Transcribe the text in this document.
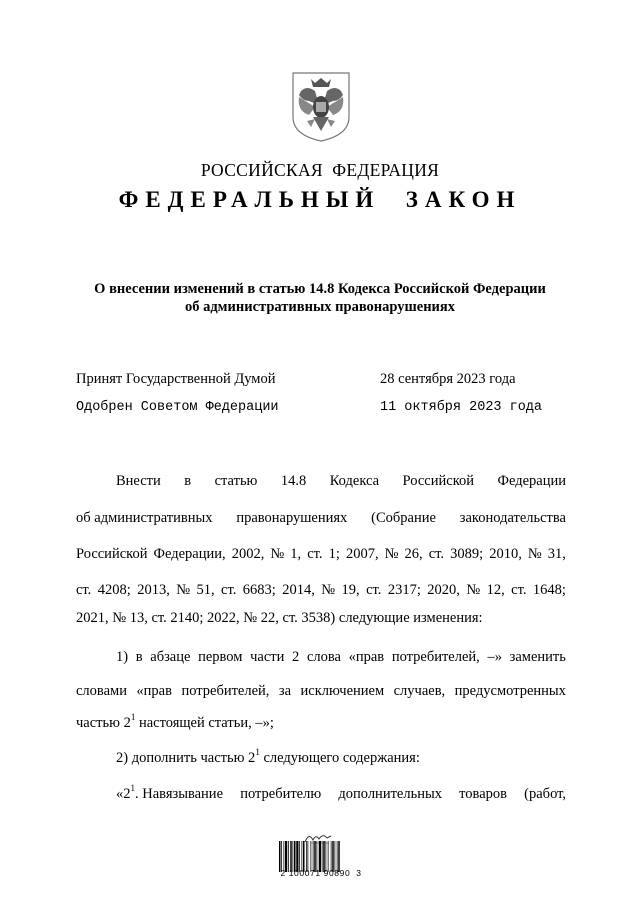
РОССИЙСКАЯ  ФЕДЕРАЦИЯ
ФЕДЕРАЛЬНЫЙ  ЗАКОН
О внесении изменений в статью 14.8 Кодекса Российской Федерации
об административных правонарушениях
Принят Государственной Думой	28 сентября 2023 года
Одобрен Советом Федерации	11 октября 2023 года
Внести в статью 14.8 Кодекса Российской Федерации
об административных правонарушениях (Собрание законодательства
Российской Федерации, 2002, № 1, ст. 1; 2007, № 26, ст. 3089; 2010, № 31,
ст. 4208; 2013, № 51, ст. 6683; 2014, № 19, ст. 2317; 2020, № 12, ст. 1648;
2021, № 13, ст. 2140; 2022, № 22, ст. 3538) следующие изменения:
1) в абзаце первом части 2 слова «прав потребителей, –» заменить
словами «прав потребителей, за исключением случаев, предусмотренных
частью $2^1$ настоящей статьи, –»;
2) дополнить частью $2^1$ следующего содержания:
«$2^1$ . Навязывание потребителю дополнительных товаров (работ,
2 100071 90890  3
